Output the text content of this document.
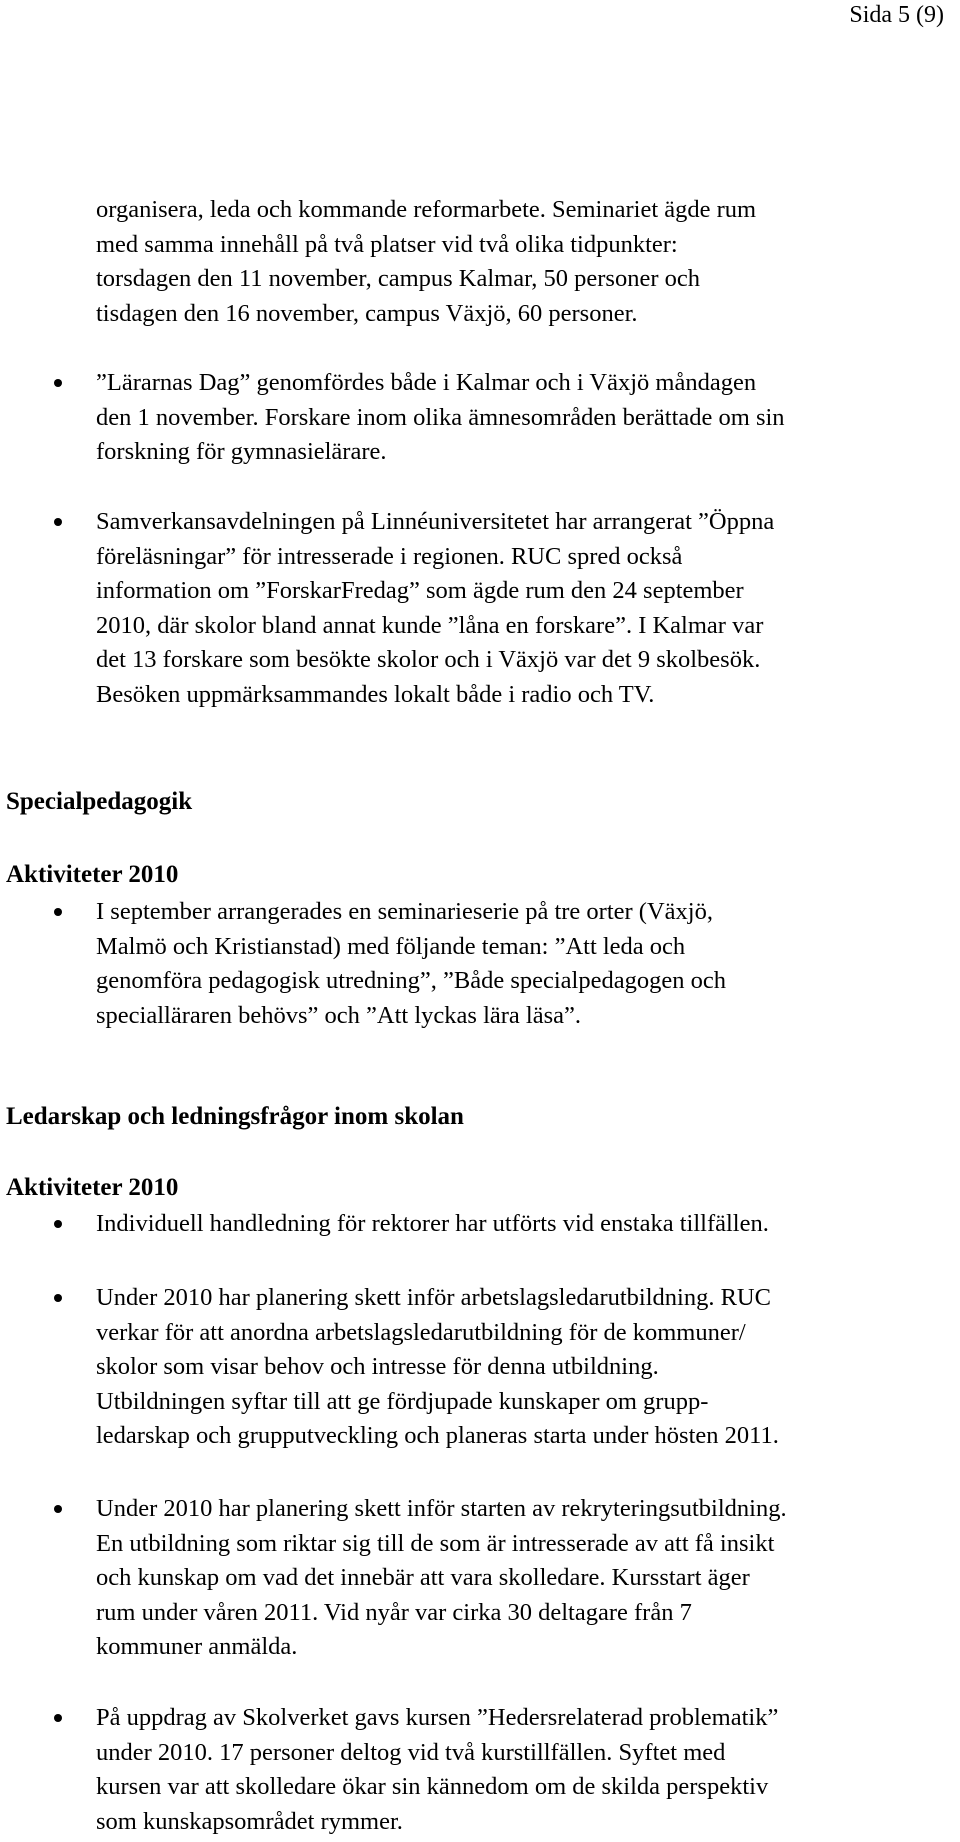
Sida 5 (9)
organisera, leda och kommande reformarbete. Seminariet ägde rum
med samma innehåll på två platser vid två olika tidpunkter:
torsdagen den 11 november, campus Kalmar, 50 personer och
tisdagen den 16 november, campus Växjö, 60 personer.
”Lärarnas Dag” genomfördes både i Kalmar och i Växjö måndagen
den 1 november. Forskare inom olika ämnesområden berättade om sin
forskning för gymnasielärare.
Samverkansavdelningen på Linnéuniversitetet har arrangerat ”Öppna
föreläsningar” för intresserade i regionen. RUC spred också
information om ”ForskarFredag” som ägde rum den 24 september
2010, där skolor bland annat kunde ”låna en forskare”. I Kalmar var
det 13 forskare som besökte skolor och i Växjö var det 9 skolbesök.
Besöken uppmärksammandes lokalt både i radio och TV.
Specialpedagogik
Aktiviteter 2010
I september arrangerades en seminarieserie på tre orter (Växjö,
Malmö och Kristianstad) med följande teman: ”Att leda och
genomföra pedagogisk utredning”, ”Både specialpedagogen och
specialläraren behövs” och ”Att lyckas lära läsa”.
Ledarskap och ledningsfrågor inom skolan
Aktiviteter 2010
Individuell handledning för rektorer har utförts vid enstaka tillfällen.
Under 2010 har planering skett inför arbetslagsledarutbildning. RUC
verkar för att anordna arbetslagsledarutbildning för de kommuner/
skolor som visar behov och intresse för denna utbildning.
Utbildningen syftar till att ge fördjupade kunskaper om grupp-
ledarskap och grupputveckling och planeras starta under hösten 2011.
Under 2010 har planering skett inför starten av rekryteringsutbildning.
En utbildning som riktar sig till de som är intresserade av att få insikt
och kunskap om vad det innebär att vara skolledare. Kursstart äger
rum under våren 2011. Vid nyår var cirka 30 deltagare från 7
kommuner anmälda.
På uppdrag av Skolverket gavs kursen ”Hedersrelaterad problematik”
under 2010. 17 personer deltog vid två kurstillfällen. Syftet med
kursen var att skolledare ökar sin kännedom om de skilda perspektiv
som kunskapsområdet rymmer.
